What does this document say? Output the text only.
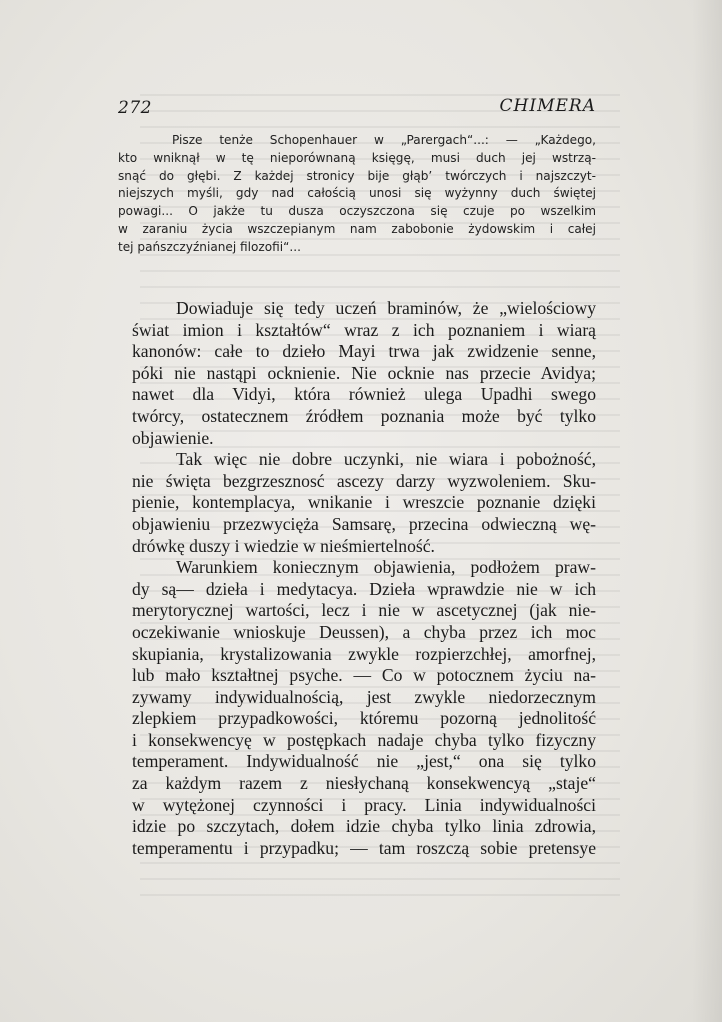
272	CHIMERA
Pisze tenże Schopenhauer w „Parergach“...: — „Każdego,
kto wniknął w tę nieporównaną księgę, musi duch jej wstrzą-
snąć do głębi. Z każdej stronicy bije głąb’ twórczych i najszczyt-
niejszych myśli, gdy nad całością unosi się wyżynny duch świętej
powagi... O jakże tu dusza oczyszczona się czuje po wszelkim
w zaraniu życia wszczepianym nam zabobonie żydowskim i całej
tej pańszczyźnianej filozofii“...
Dowiaduje się tedy uczeń braminów, że „wielościowy
świat imion i kształtów“ wraz z ich poznaniem i wiarą
kanonów: całe to dzieło Mayi trwa jak zwidzenie senne,
póki nie nastąpi ocknienie. Nie ocknie nas przecie Avidya;
nawet dla Vidyi, która również ulega Upadhi swego
twórcy, ostatecznem źródłem poznania może być tylko
objawienie.
Tak więc nie dobre uczynki, nie wiara i pobożność,
nie święta bezgrzesznosć ascezy darzy wyzwoleniem. Sku-
pienie, kontemplacya, wnikanie i wreszcie poznanie dzięki
objawieniu przezwycięża Samsarę, przecina odwieczną wę-
drówkę duszy i wiedzie w nieśmiertelność.
Warunkiem koniecznym objawienia, podłożem praw-
dy są— dzieła i medytacya. Dzieła wprawdzie nie w ich
merytorycznej wartości, lecz i nie w ascetycznej (jak nie-
oczekiwanie wnioskuje Deussen), a chyba przez ich moc
skupiania, krystalizowania zwykle rozpierzchłej, amorfnej,
lub mało kształtnej psyche. — Co w potocznem życiu na-
zywamy indywidualnością, jest zwykle niedorzecznym
zlepkiem przypadkowości, któremu pozorną jednolitość
i konsekwencyę w postępkach nadaje chyba tylko fizyczny
temperament. Indywidualność nie „jest,“ ona się tylko
za każdym razem z niesłychaną konsekwencyą „staje“
w wytężonej czynności i pracy. Linia indywidualności
idzie po szczytach, dołem idzie chyba tylko linia zdrowia,
temperamentu i przypadku; — tam roszczą sobie pretensye
